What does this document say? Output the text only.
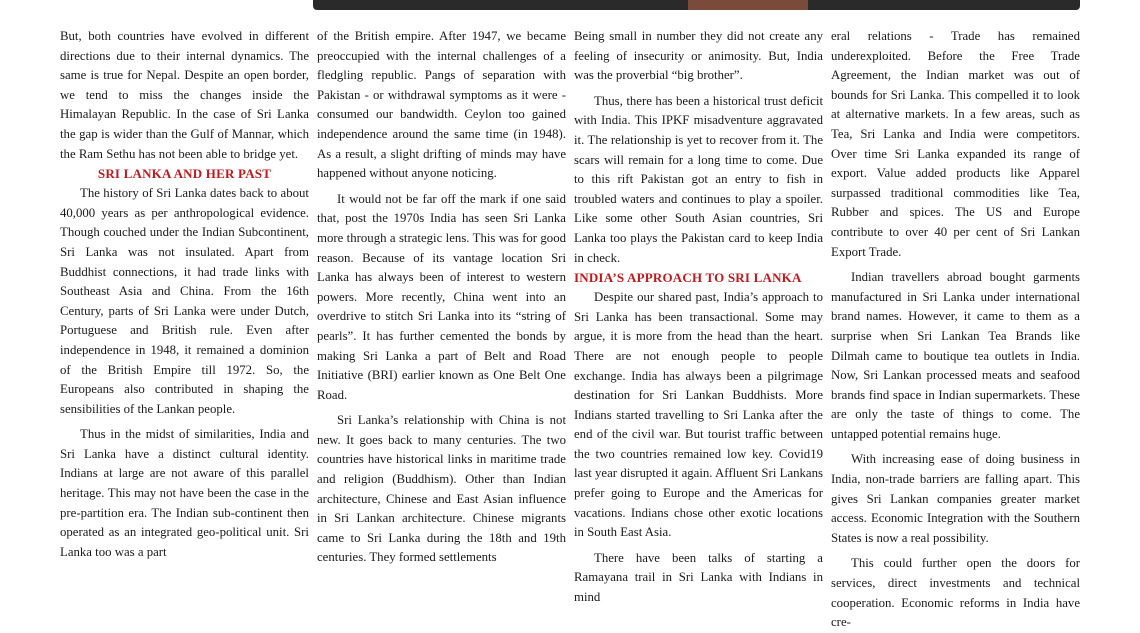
But, both countries have evolved in different directions due to their internal dynamics. The same is true for Nepal. Despite an open border, we tend to miss the changes inside the Himalayan Republic. In the case of Sri Lanka the gap is wider than the Gulf of Mannar, which the Ram Sethu has not been able to bridge yet.

SRI LANKA AND HER PAST

The history of Sri Lanka dates back to about 40,000 years as per anthropological evidence. Though couched under the Indian Subcontinent, Sri Lanka was not insulated. Apart from Buddhist connections, it had trade links with Southeast Asia and China. From the 16th Century, parts of Sri Lanka were under Dutch, Portuguese and British rule. Even after independence in 1948, it remained a dominion of the British Empire till 1972. So, the Europeans also contributed in shaping the sensibilities of the Lankan people.

Thus in the midst of similarities, India and Sri Lanka have a distinct cultural identity. Indians at large are not aware of this parallel heritage. This may not have been the case in the pre-partition era. The Indian sub-continent then operated as an integrated geo-political unit. Sri Lanka too was a part

of the British empire. After 1947, we became preoccupied with the internal challenges of a fledgling republic. Pangs of separation with Pakistan - or withdrawal symptoms as it were - consumed our bandwidth. Ceylon too gained independence around the same time (in 1948). As a result, a slight drifting of minds may have happened without anyone noticing.

It would not be far off the mark if one said that, post the 1970s India has seen Sri Lanka more through a strategic lens. This was for good reason. Because of its vantage location Sri Lanka has always been of interest to western powers. More recently, China went into an overdrive to stitch Sri Lanka into its “string of pearls”. It has further cemented the bonds by making Sri Lanka a part of Belt and Road Initiative (BRI) earlier known as One Belt One Road.

Sri Lanka’s relationship with China is not new. It goes back to many centuries. The two countries have historical links in maritime trade and religion (Buddhism). Other than Indian architecture, Chinese and East Asian influence in Sri Lankan architecture. Chinese migrants came to Sri Lanka during the 18th and 19th centuries. They formed settlements

Being small in number they did not create any feeling of insecurity or animosity. But, India was the proverbial “big brother”.

Thus, there has been a historical trust deficit with India. This IPKF misadventure aggravated it. The relationship is yet to recover from it. The scars will remain for a long time to come. Due to this rift Pakistan got an entry to fish in troubled waters and continues to play a spoiler. Like some other South Asian countries, Sri Lanka too plays the Pakistan card to keep India in check.

INDIA’S APPROACH TO SRI LANKA

Despite our shared past, India’s approach to Sri Lanka has been transactional. Some may argue, it is more from the head than the heart. There are not enough people to people exchange. India has always been a pilgrimage destination for Sri Lankan Buddhists. More Indians started travelling to Sri Lanka after the end of the civil war. But tourist traffic between the two countries remained low key. Covid19 last year disrupted it again. Affluent Sri Lankans prefer going to Europe and the Americas for vacations. Indians chose other exotic locations in South East Asia.

There have been talks of starting a Ramayana trail in Sri Lanka with Indians in mind

eral relations - Trade has remained underexploited. Before the Free Trade Agreement, the Indian market was out of bounds for Sri Lanka. This compelled it to look at alternative markets. In a few areas, such as Tea, Sri Lanka and India were competitors. Over time Sri Lanka expanded its range of export. Value added products like Apparel surpassed traditional commodities like Tea, Rubber and spices. The US and Europe contribute to over 40 per cent of Sri Lankan Export Trade.

Indian travellers abroad bought garments manufactured in Sri Lanka under international brand names. However, it came to them as a surprise when Sri Lankan Tea Brands like Dilmah came to boutique tea outlets in India. Now, Sri Lankan processed meats and seafood brands find space in Indian supermarkets. These are only the taste of things to come. The untapped potential remains huge.

With increasing ease of doing business in India, non-trade barriers are falling apart. This gives Sri Lankan companies greater market access. Economic Integration with the Southern States is now a real possibility.

This could further open the doors for services, direct investments and technical cooperation. Economic reforms in India have cre-
